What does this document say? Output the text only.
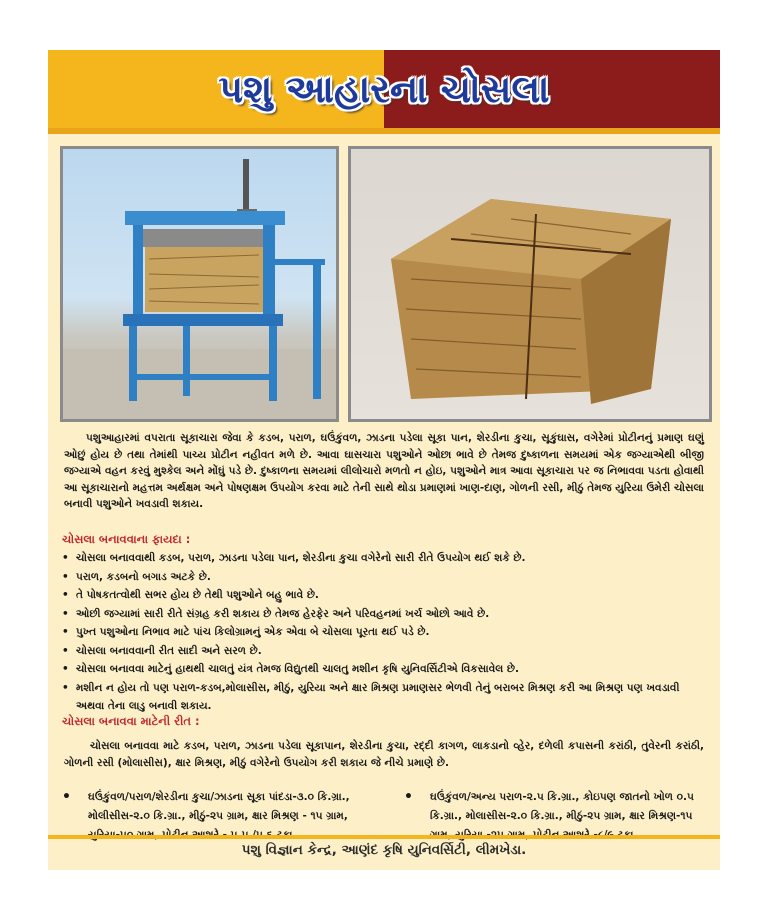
પશુ આહારના ચોસલા

પશુઆહારમાં વપરાતા સૂકાચારા જેવા કે કડબ, પરાળ, ઘઉંકુંવળ, ઝાડના પડેલા સૂકા પાન, શેરડીના કુચા, સૂકુંઘાસ, વગેરેમાં પ્રોટીનનું પ્રમાણ ઘણું ઓછું હોય છે તથા તેમાંથી પાચ્ય પ્રોટીન નહીવત મળે છે. આવા ઘાસચારા પશુઓને ઓછા ભાવે છે તેમજ દુષ્કાળના સમયમાં એક જગ્યાએથી બીજી જગ્યાએ વહન કરવું મુશ્કેલ અને મોંઘું પડે છે. દુષ્કાળના સમયમાં લીલોચારો મળતો ન હોઇ, પશુઓને માત્ર આવા સૂકાચારા પર જ નિભાવવા પડતા હોવાથી આ સૂકાચારાનો મહત્તમ અર્થક્ષમ અને પોષણક્ષમ ઉપયોગ કરવા માટે તેની સાથે થોડા પ્રમાણમાં ખાણ-દાણ, ગોળની રસી, મીઠું તેમજ યુરિયા ઉમેરી ચોસલા બનાવી પશુઓને ખવડાવી શકાય.

ચોસલા બનાવવાના ફાયદા :
• ચોસલા બનાવવાથી કડબ, પરાળ, ઝાડના પડેલા પાન, શેરડીના કુચા વગેરેનો સારી રીતે ઉપયોગ થઈ શકે છે.
• પરાળ, કડબનો બગાડ અટકે છે.
• તે પોષકતત્વોથી સભર હોય છે તેથી પશુઓને બહુ ભાવે છે.
• ઓછી જગ્યામાં સારી રીતે સંગ્રહ કરી શકાય છે તેમજ હેરફેર અને પરિવહનમાં ખર્ચ ઓછો આવે છે.
• પુખ્ત પશુઓના નિભાવ માટે પાંચ કિલોગ્રામનું એક એવા બે ચોસલા પૂરતા થઈ પડે છે.
• ચોસલા બનાવવાની રીત સાદી અને સરળ છે.
• ચોસલા બનાવવા માટેનું હાથથી ચાલતું યંત્ર તેમજ વિદ્યુતથી ચાલતુ મશીન કૃષિ યુનિવર્સિટીએ વિકસાવેલ છે.
• મશીન ન હોય તો પણ પરાળ-કડબ,મોલાસીસ, મીઠું, યુરિયા અને ક્ષાર મિશ્રણ પ્રમાણસર ભેળવી તેનું બરાબર મિશ્રણ કરી આ મિશ્રણ પણ ખવડાવી અથવા તેના લાડુ બનાવી શકાય.
ચોસલા બનાવવા માટેની રીત :

ચોસલા બનાવવા માટે કડબ, પરાળ, ઝાડના પડેલા સૂકાપાન, શેરડીના કુચા, રદ્દી કાગળ, લાકડાનો વ્હેર, દળેલી કપાસની કરાંઠી, તુવેરની કરાંઠી, ગોળની રસી (મોલાસીસ), ક્ષાર મિશ્રણ, મીઠું વગેરેનો ઉપયોગ કરી શકાય જે નીચે પ્રમાણે છે.

• ઘઉંકુંવળ/પરાળ/શેરડીના કુચા/ઝાડના સૂકા પાંદડા-૩.૦ કિ.ગ્રા., મોલીસીસ-૨.૦ કિ.ગ્રા., મીઠું-૨૫ ગ્રામ, ક્ષાર મિશ્રણ - ૧૫ ગ્રામ,
• ઘઉંકુંવળ/અન્ય પરાળ-૨.૫ કિ.ગ્રા., કોઇપણ જાતનો ખોળ ૦.૫ કિ.ગ્રા., મોલાસીસ-૨.૦ કિ.ગ્રા., મીઠું-૨૫ ગ્રામ, ક્ષાર મિશ્રણ-૧૫
પશુ વિજ્ઞાન કેન્દ્ર, આણંદ કૃષિ યુનિવર્સિટી, લીમખેડા.
